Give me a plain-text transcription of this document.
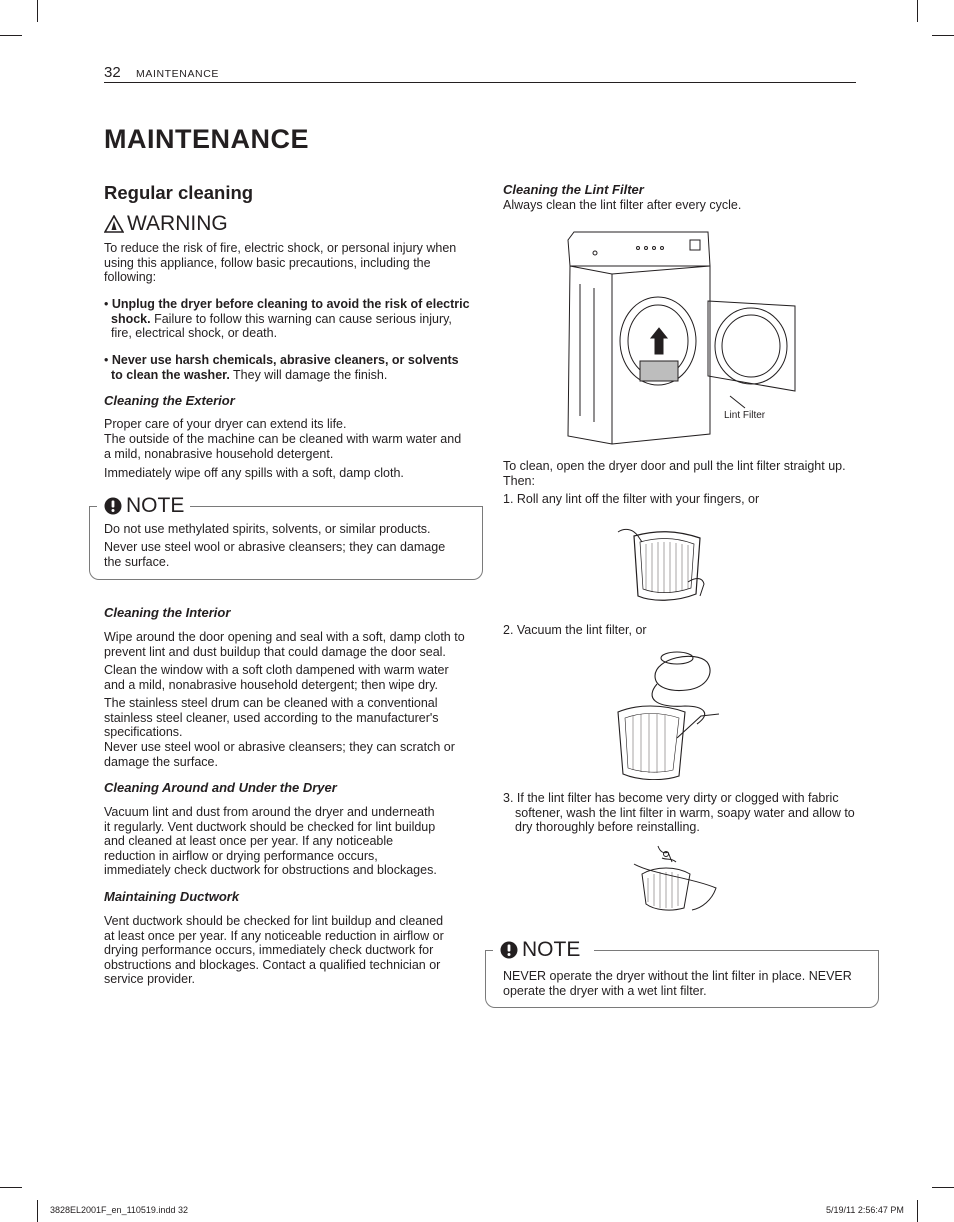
32 MAINTENANCE
MAINTENANCE
Regular cleaning
WARNING
To reduce the risk of fire, electric shock, or personal injury when using this appliance, follow basic precautions, including the following:
• Unplug the dryer before cleaning to avoid the risk of electric shock. Failure to follow this warning can cause serious injury, fire, electrical shock, or death.
• Never use harsh chemicals, abrasive cleaners, or solvents to clean the washer. They will damage the finish.
Cleaning the Exterior
Proper care of your dryer can extend its life.
The outside of the machine can be cleaned with warm water and a mild, nonabrasive household detergent.
Immediately wipe off any spills with a soft, damp cloth.
NOTE
Do not use methylated spirits, solvents, or similar products.
Never use steel wool or abrasive cleansers; they can damage the surface.
Cleaning the Interior
Wipe around the door opening and seal with a soft, damp cloth to prevent lint and dust buildup that could damage the door seal.
Clean the window with a soft cloth dampened with warm water and a mild, nonabrasive household detergent; then wipe dry.
The stainless steel drum can be cleaned with a conventional stainless steel cleaner, used according to the manufacturer's specifications.
Never use steel wool or abrasive cleansers; they can scratch or damage the surface.
Cleaning Around and Under the Dryer
Vacuum lint and dust from around the dryer and underneath it regularly. Vent ductwork should be checked for lint buildup and cleaned at least once per year. If any noticeable reduction in airflow or drying performance occurs, immediately check ductwork for obstructions and blockages.
Maintaining Ductwork
Vent ductwork should be checked for lint buildup and cleaned at least once per year. If any noticeable reduction in airflow or drying performance occurs, immediately check ductwork for obstructions and blockages. Contact a qualified technician or service provider.
Cleaning the Lint Filter
Always clean the lint filter after every cycle.
Lint Filter
To clean, open the dryer door and pull the lint filter straight up. Then:
1. Roll any lint off the filter with your fingers, or
2. Vacuum the lint filter, or
3. If the lint filter has become very dirty or clogged with fabric softener, wash the lint filter in warm, soapy water and allow to dry thoroughly before reinstalling.
NOTE
NEVER operate the dryer without the lint filter in place. NEVER operate the dryer with a wet lint filter.
3828EL2001F_en_110519.indd 32	5/19/11 2:56:47 PM
